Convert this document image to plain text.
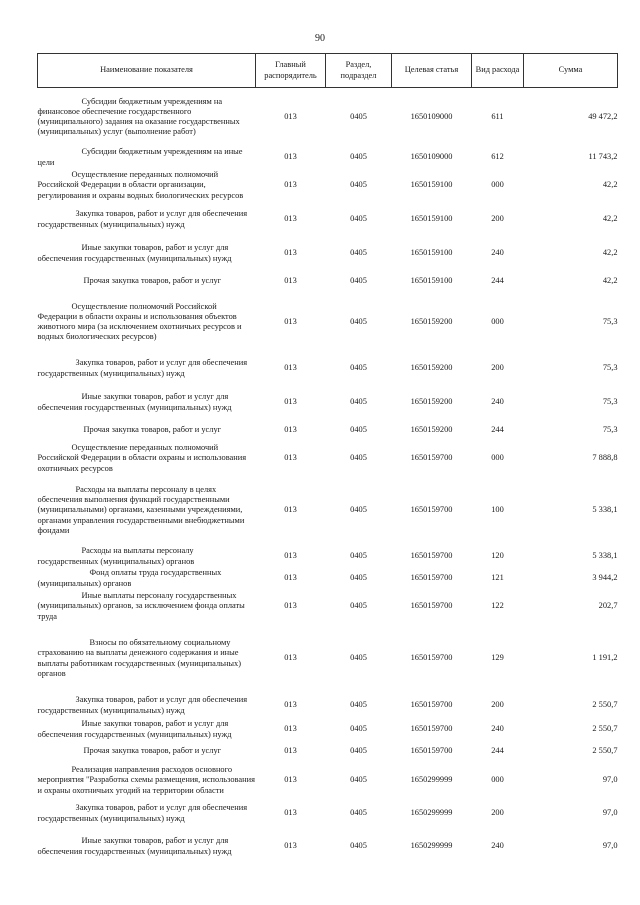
90
Наименование показателя	Главный распорядитель	Раздел, подраздел	Целевая статья	Вид расхода	Сумма
Субсидии бюджетным учреждениям на финансовое обеспечение государственного (муниципального) задания на оказание государственных (муниципальных) услуг (выполнение работ)	013	0405	1650109000	611	49 472,2
Субсидии бюджетным учреждениям на иные цели	013	0405	1650109000	612	11 743,2
Осуществление переданных полномочий Российской Федерации в области организации, регулирования и охраны водных биологических ресурсов	013	0405	1650159100	000	42,2
Закупка товаров, работ и услуг для обеспечения государственных (муниципальных) нужд	013	0405	1650159100	200	42,2
Иные закупки товаров, работ и услуг для обеспечения государственных (муниципальных) нужд	013	0405	1650159100	240	42,2
Прочая закупка товаров, работ и услуг	013	0405	1650159100	244	42,2
Осуществление полномочий Российской Федерации в области охраны и использования объектов животного мира (за исключением охотничьих ресурсов и водных биологических ресурсов)	013	0405	1650159200	000	75,3
Закупка товаров, работ и услуг для обеспечения государственных (муниципальных) нужд	013	0405	1650159200	200	75,3
Иные закупки товаров, работ и услуг для обеспечения государственных (муниципальных) нужд	013	0405	1650159200	240	75,3
Прочая закупка товаров, работ и услуг	013	0405	1650159200	244	75,3
Осуществление переданных полномочий Российской Федерации в области охраны и использования охотничьих ресурсов	013	0405	1650159700	000	7 888,8
Расходы на выплаты персоналу в целях обеспечения выполнения функций государственными (муниципальными) органами, казенными учреждениями, органами управления государственными внебюджетными фондами	013	0405	1650159700	100	5 338,1
Расходы на выплаты персоналу государственных (муниципальных) органов	013	0405	1650159700	120	5 338,1
Фонд оплаты труда государственных (муниципальных) органов	013	0405	1650159700	121	3 944,2
Иные выплаты персоналу государственных (муниципальных) органов, за исключением фонда оплаты труда	013	0405	1650159700	122	202,7
Взносы по обязательному социальному страхованию на выплаты денежного содержания и иные выплаты работникам государственных (муниципальных) органов	013	0405	1650159700	129	1 191,2
Закупка товаров, работ и услуг для обеспечения государственных (муниципальных) нужд	013	0405	1650159700	200	2 550,7
Иные закупки товаров, работ и услуг для обеспечения государственных (муниципальных) нужд	013	0405	1650159700	240	2 550,7
Прочая закупка товаров, работ и услуг	013	0405	1650159700	244	2 550,7
Реализация направления расходов основного мероприятия "Разработка схемы размещения, использования и охраны охотничьих угодий на территории области	013	0405	1650299999	000	97,0
Закупка товаров, работ и услуг для обеспечения государственных (муниципальных) нужд	013	0405	1650299999	200	97,0
Иные закупки товаров, работ и услуг для обеспечения государственных (муниципальных) нужд	013	0405	1650299999	240	97,0
